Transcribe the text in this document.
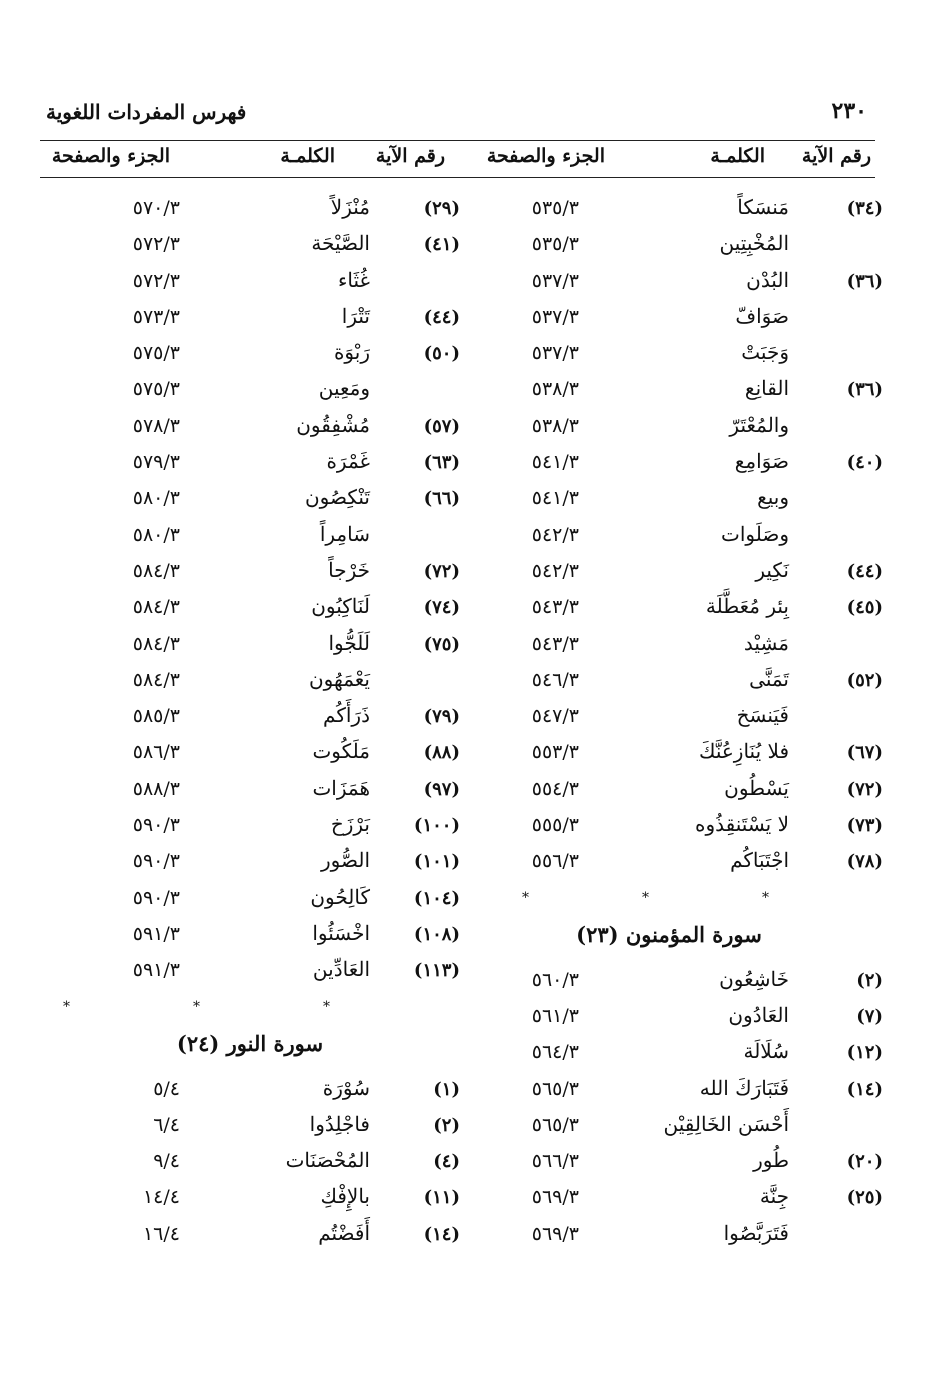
٢٣٠
فهرس المفردات اللغوية
رقم الآية
الكلمـة
الجزء والصفحة
رقم الآية
الكلمـة
الجزء والصفحة
(٣٤)
مَنسَكاً
٥٣٥/٣
المُخْبِتِين
٥٣٥/٣
(٣٦)
البُدْن
٥٣٧/٣
صَوَافّ
٥٣٧/٣
وَجَبَتْ
٥٣٧/٣
(٣٦)
القانِع
٥٣٨/٣
والمُعْتَرّ
٥٣٨/٣
(٤٠)
صَوَامِع
٥٤١/٣
وبيع
٥٤١/٣
وصَلَوات
٥٤٢/٣
(٤٤)
نَكِير
٥٤٢/٣
(٤٥)
بِئر مُعَطَّلَة
٥٤٣/٣
مَشِيْد
٥٤٣/٣
(٥٢)
تَمَنَّى
٥٤٦/٣
فَيَنسَخ
٥٤٧/٣
(٦٧)
فلا يُنَازِعُنَّكَ
٥٥٣/٣
(٧٢)
يَسْطُون
٥٥٤/٣
(٧٣)
لا يَسْتَنقِذُوه
٥٥٥/٣
(٧٨)
اجْتَبَاكُم
٥٥٦/٣
*
*
*
سورة المؤمنون (٢٣)
(٢)
خَاشِعُون
٥٦٠/٣
(٧)
العَادُون
٥٦١/٣
(١٢)
سُلَالَة
٥٦٤/٣
(١٤)
فَتَبَارَكَ الله
٥٦٥/٣
أَحْسَن الخَالِقِيْن
٥٦٥/٣
(٢٠)
طُور
٥٦٦/٣
(٢٥)
جِنَّة
٥٦٩/٣
فَتَرَبَّصُوا
٥٦٩/٣
(٢٩)
مُنْزَلاً
٥٧٠/٣
(٤١)
الصَّيْحَة
٥٧٢/٣
غُثَاء
٥٧٢/٣
(٤٤)
تَتْرَا
٥٧٣/٣
(٥٠)
رَبْوَة
٥٧٥/٣
ومَعِين
٥٧٥/٣
(٥٧)
مُشْفِقُون
٥٧٨/٣
(٦٣)
غَمْرَة
٥٧٩/٣
(٦٦)
تَنْكِصُون
٥٨٠/٣
سَامِراً
٥٨٠/٣
(٧٢)
خَرْجاً
٥٨٤/٣
(٧٤)
لَنَاكِبُون
٥٨٤/٣
(٧٥)
لَلَجُّوا
٥٨٤/٣
يَعْمَهُون
٥٨٤/٣
(٧٩)
ذَرَأَكُم
٥٨٥/٣
(٨٨)
مَلَكُوت
٥٨٦/٣
(٩٧)
هَمَزَات
٥٨٨/٣
(١٠٠)
بَرْزَخ
٥٩٠/٣
(١٠١)
الصُّور
٥٩٠/٣
(١٠٤)
كَالِحُون
٥٩٠/٣
(١٠٨)
اخْسَئُوا
٥٩١/٣
(١١٣)
العَادِّين
٥٩١/٣
*
*
*
سورة النور (٢٤)
(١)
سُوْرَة
٥/٤
(٢)
فاجْلِدُوا
٦/٤
(٤)
المُحْصَنَات
٩/٤
(١١)
بالإِفْكِ
١٤/٤
(١٤)
أَفَضْتُم
١٦/٤
